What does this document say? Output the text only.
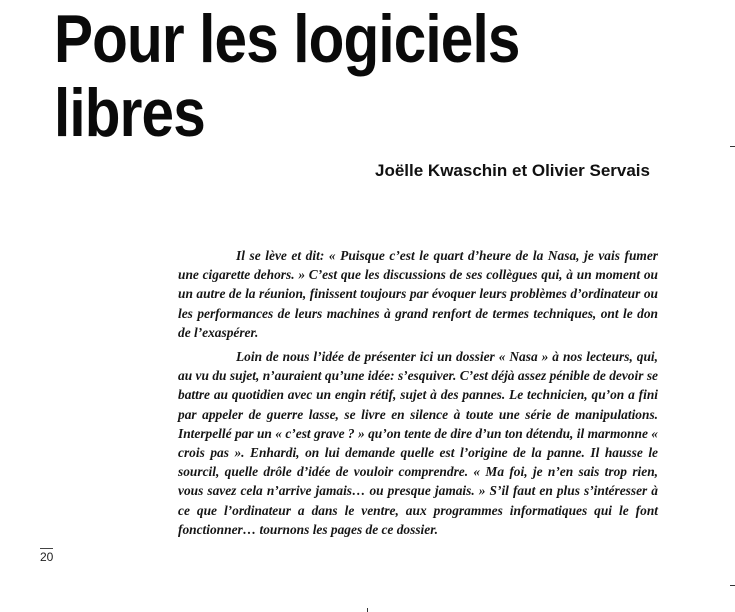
Pour les logiciels libres
Joëlle Kwaschin et Olivier Servais

Il se lève et dit: « Puisque c’est le quart d’heure de la Nasa, je vais fumer une cigarette dehors. » C’est que les discussions de ses collègues qui, à un moment ou un autre de la réunion, finissent toujours par évoquer leurs problèmes d’ordinateur ou les performances de leurs machines à grand renfort de termes techniques, ont le don de l’exaspérer.

Loin de nous l’idée de présenter ici un dossier « Nasa » à nos lecteurs, qui, au vu du sujet, n’auraient qu’une idée: s’esquiver. C’est déjà assez pénible de devoir se battre au quotidien avec un engin rétif, sujet à des pannes. Le technicien, qu’on a fini par appeler de guerre lasse, se livre en silence à toute une série de manipulations. Interpellé par un « c’est grave ? » qu’on tente de dire d’un ton détendu, il marmonne « crois pas ». Enhardi, on lui demande quelle est l’origine de la panne. Il hausse le sourcil, quelle drôle d’idée de vouloir comprendre. « Ma foi, je n’en sais trop rien, vous savez cela n’arrive jamais… ou presque jamais. » S’il faut en plus s’intéresser à ce que l’ordinateur a dans le ventre, aux programmes informatiques qui le font fonctionner… tournons les pages de ce dossier.

20
